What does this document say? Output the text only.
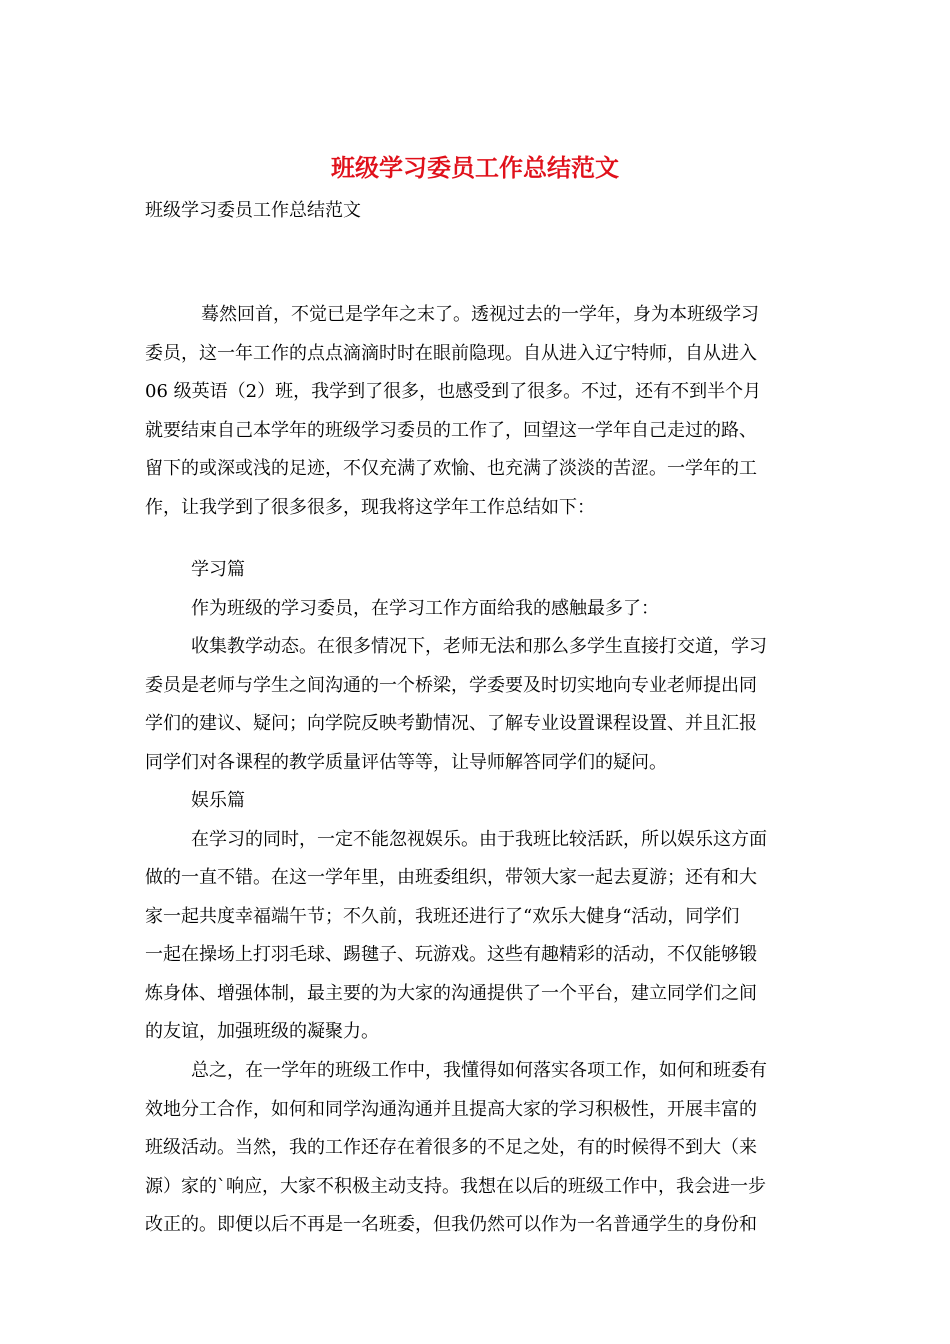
班级学习委员工作总结范文
班级学习委员工作总结范文
蓦然回首，不觉已是学年之末了。透视过去的一学年，身为本班级学习
委员，这一年工作的点点滴滴时时在眼前隐现。自从进入辽宁特师，自从进入
06 级英语（2）班，我学到了很多，也感受到了很多。不过，还有不到半个月
就要结束自己本学年的班级学习委员的工作了，回望这一学年自己走过的路、
留下的或深或浅的足迹，不仅充满了欢愉、也充满了淡淡的苦涩。一学年的工
作，让我学到了很多很多，现我将这学年工作总结如下：
学习篇
作为班级的学习委员，在学习工作方面给我的感触最多了：
收集教学动态。在很多情况下，老师无法和那么多学生直接打交道，学习
委员是老师与学生之间沟通的一个桥梁，学委要及时切实地向专业老师提出同
学们的建议、疑问；向学院反映考勤情况、了解专业设置课程设置、并且汇报
同学们对各课程的教学质量评估等等，让导师解答同学们的疑问。
娱乐篇
在学习的同时，一定不能忽视娱乐。由于我班比较活跃，所以娱乐这方面
做的一直不错。在这一学年里，由班委组织，带领大家一起去夏游；还有和大
家一起共度幸福端午节；不久前，我班还进行了“欢乐大健身“活动，同学们
一起在操场上打羽毛球、踢毽子、玩游戏。这些有趣精彩的活动，不仅能够锻
炼身体、增强体制，最主要的为大家的沟通提供了一个平台，建立同学们之间
的友谊，加强班级的凝聚力。
总之，在一学年的班级工作中，我懂得如何落实各项工作，如何和班委有
效地分工合作，如何和同学沟通沟通并且提高大家的学习积极性，开展丰富的
班级活动。当然，我的工作还存在着很多的不足之处，有的时候得不到大（来
源）家的`响应，大家不积极主动支持。我想在以后的班级工作中，我会进一步
改正的。即便以后不再是一名班委，但我仍然可以作为一名普通学生的身份和
